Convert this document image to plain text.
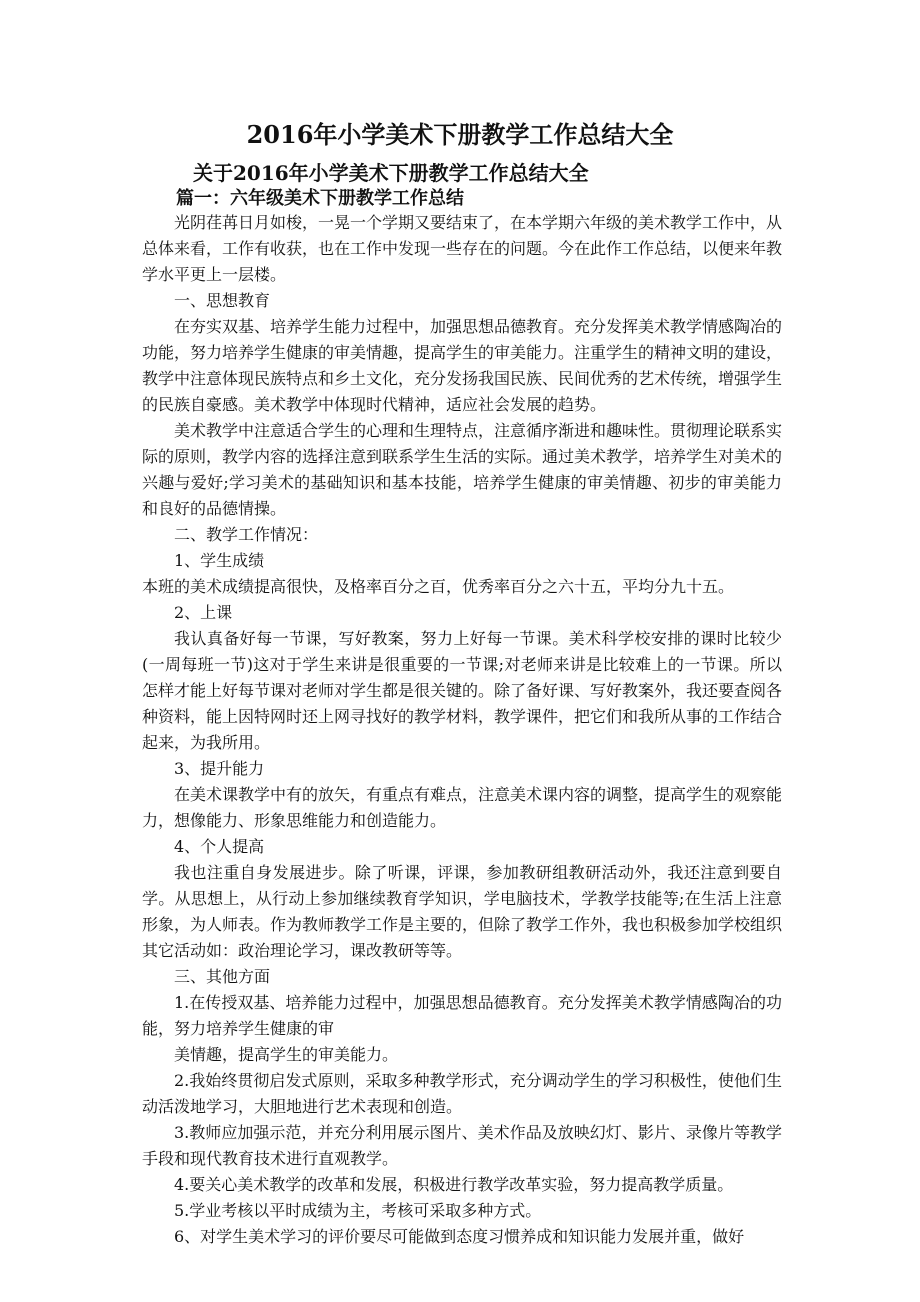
2016年小学美术下册教学工作总结大全
关于2016年小学美术下册教学工作总结大全
篇一：六年级美术下册教学工作总结

光阴荏苒日月如梭，一晃一个学期又要结束了，在本学期六年级的美术教学工作中，从总体来看，工作有收获，也在工作中发现一些存在的问题。今在此作工作总结，以便来年教学水平更上一层楼。

一、思想教育

在夯实双基、培养学生能力过程中，加强思想品德教育。充分发挥美术教学情感陶冶的功能，努力培养学生健康的审美情趣，提高学生的审美能力。注重学生的精神文明的建设，教学中注意体现民族特点和乡土文化，充分发扬我国民族、民间优秀的艺术传统，增强学生的民族自豪感。美术教学中体现时代精神，适应社会发展的趋势。

美术教学中注意适合学生的心理和生理特点，注意循序渐进和趣味性。贯彻理论联系实际的原则，教学内容的选择注意到联系学生生活的实际。通过美术教学，培养学生对美术的兴趣与爱好;学习美术的基础知识和基本技能，培养学生健康的审美情趣、初步的审美能力和良好的品德情操。

二、教学工作情况：

1、学生成绩

本班的美术成绩提高很快，及格率百分之百，优秀率百分之六十五，平均分九十五。

2、上课

我认真备好每一节课，写好教案，努力上好每一节课。美术科学校安排的课时比较少(一周每班一节)这对于学生来讲是很重要的一节课;对老师来讲是比较难上的一节课。所以怎样才能上好每节课对老师对学生都是很关键的。除了备好课、写好教案外，我还要查阅各种资料，能上因特网时还上网寻找好的教学材料，教学课件，把它们和我所从事的工作结合起来，为我所用。

3、提升能力

在美术课教学中有的放矢，有重点有难点，注意美术课内容的调整，提高学生的观察能力，想像能力、形象思维能力和创造能力。

4、个人提高

我也注重自身发展进步。除了听课，评课，参加教研组教研活动外，我还注意到要自学。从思想上，从行动上参加继续教育学知识，学电脑技术，学教学技能等;在生活上注意形象，为人师表。作为教师教学工作是主要的，但除了教学工作外，我也积极参加学校组织其它活动如：政治理论学习，课改教研等等。

三、其他方面

1.在传授双基、培养能力过程中，加强思想品德教育。充分发挥美术教学情感陶冶的功能，努力培养学生健康的审

美情趣，提高学生的审美能力。

2.我始终贯彻启发式原则，采取多种教学形式，充分调动学生的学习积极性，使他们生动活泼地学习，大胆地进行艺术表现和创造。

3.教师应加强示范，并充分利用展示图片、美术作品及放映幻灯、影片、录像片等教学手段和现代教育技术进行直观教学。

4.要关心美术教学的改革和发展，积极进行教学改革实验，努力提高教学质量。

5.学业考核以平时成绩为主，考核可采取多种方式。

6、对学生美术学习的评价要尽可能做到态度习惯养成和知识能力发展并重，做好
